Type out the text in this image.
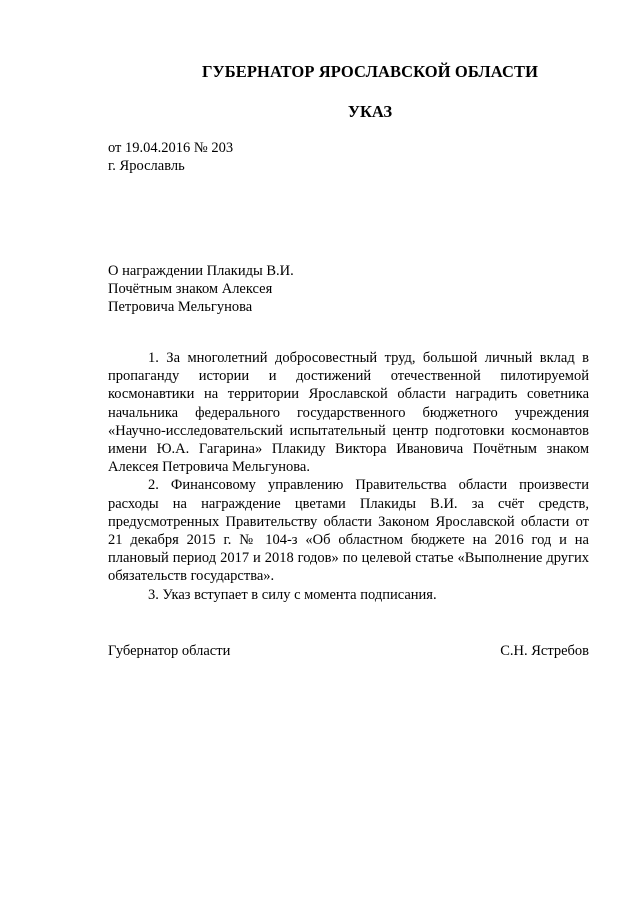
ГУБЕРНАТОР ЯРОСЛАВСКОЙ ОБЛАСТИ
УКАЗ
от 19.04.2016 № 203
г. Ярославль
О награждении Плакиды В.И.
Почётным знаком Алексея
Петровича Мельгунова

1. За многолетний добросовестный труд, большой личный вклад в пропаганду истории и достижений отечественной пилотируемой космонавтики на территории Ярославской области наградить советника начальника федерального государственного бюджетного учреждения «Научно-исследовательский испытательный центр подготовки космонавтов имени Ю.А. Гагарина» Плакиду Виктора Ивановича Почётным знаком Алексея Петровича Мельгунова.

2. Финансовому управлению Правительства области произвести расходы на награждение цветами Плакиды В.И. за счёт средств, предусмотренных Правительству области Законом Ярославской области от 21 декабря 2015 г. № 104-з «Об областном бюджете на 2016 год и на плановый период 2017 и 2018 годов» по целевой статье «Выполнение других обязательств государства».

3. Указ вступает в силу с момента подписания.

Губернатор области	С.Н. Ястребов
